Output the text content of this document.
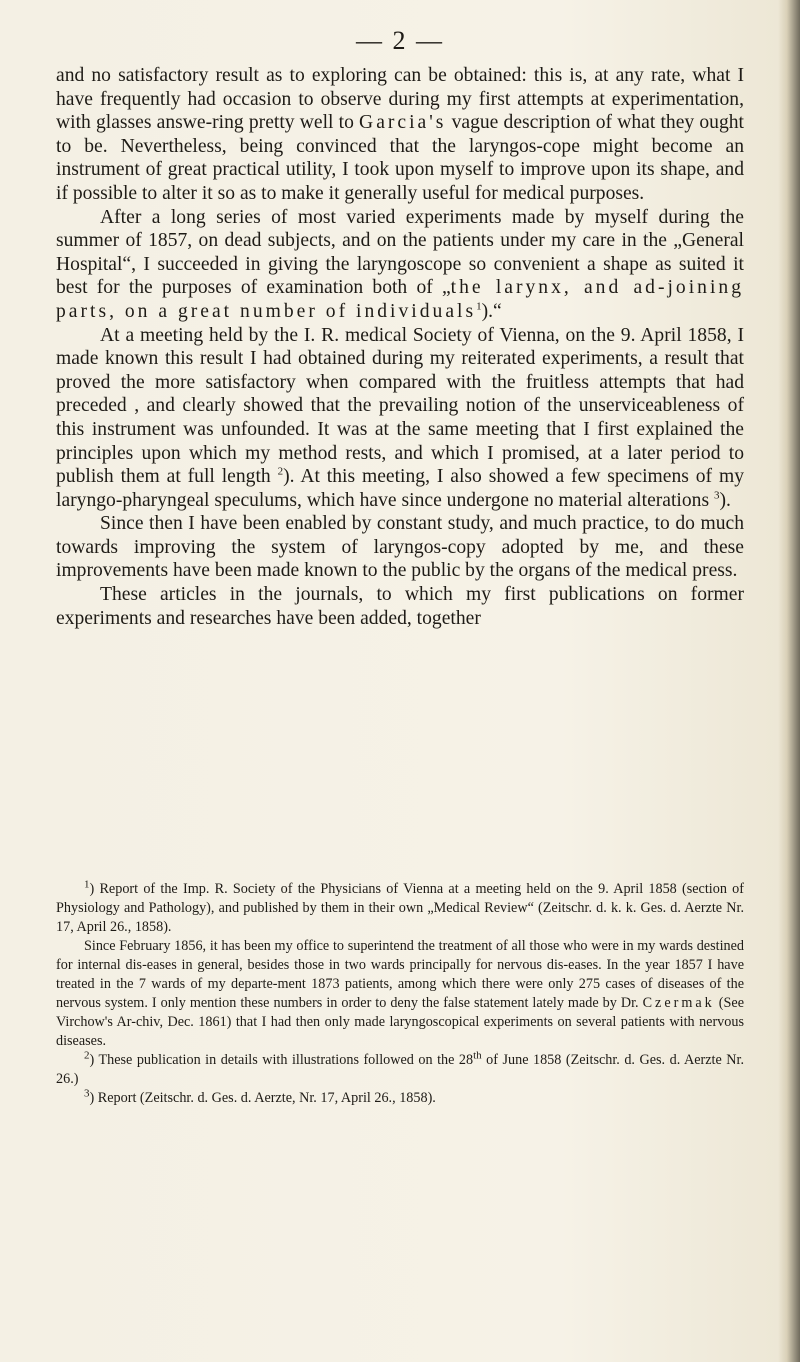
— 2 —

and no satisfactory result as to exploring can be obtained: this is, at any rate, what I have frequently had occasion to observe during my first attempts at experimentation, with glasses answe-ring pretty well to Garcia's vague description of what they ought to be. Nevertheless, being convinced that the laryngos-cope might become an instrument of great practical utility, I took upon myself to improve upon its shape, and if possible to alter it so as to make it generally useful for medical purposes.

After a long series of most varied experiments made by myself during the summer of 1857, on dead subjects, and on the patients under my care in the „General Hospital“, I succeeded in giving the laryngoscope so convenient a shape as suited it best for the purposes of examination both of „the larynx, and ad-joining parts, on a great number of individuals$^1$).“

At a meeting held by the I. R. medical Society of Vienna, on the 9. April 1858, I made known this result I had obtained during my reiterated experiments, a result that proved the more satisfactory when compared with the fruitless attempts that had preceded , and clearly showed that the prevailing notion of the unserviceableness of this instrument was unfounded. It was at the same meeting that I first explained the principles upon which my method rests, and which I promised, at a later period to publish them at full length $^2$). At this meeting, I also showed a few specimens of my laryngo-pharyngeal speculums, which have since undergone no material alterations $^3$).

Since then I have been enabled by constant study, and much practice, to do much towards improving the system of laryngos-copy adopted by me, and these improvements have been made known to the public by the organs of the medical press.

These articles in the journals, to which my first publications on former experiments and researches have been added, together

$^1$) Report of the Imp. R. Society of the Physicians of Vienna at a meeting held on the 9. April 1858 (section of Physiology and Pathology), and published by them in their own „Medical Review“ (Zeitschr. d. k. k. Ges. d. Aerzte Nr. 17, April 26., 1858).

Since February 1856, it has been my office to superintend the treatment of all those who were in my wards destined for internal dis-eases in general, besides those in two wards principally for nervous dis-eases. In the year 1857 I have treated in the 7 wards of my departe-ment 1873 patients, among which there were only 275 cases of diseases of the nervous system. I only mention these numbers in order to deny the false statement lately made by Dr. Czermak (See Virchow's Ar-chiv, Dec. 1861) that I had then only made laryngoscopical experiments on several patients with nervous diseases.

$^2$) These publication in details with illustrations followed on the 28th of June 1858 (Zeitschr. d. Ges. d. Aerzte Nr. 26.)

$^3$) Report (Zeitschr. d. Ges. d. Aerzte, Nr. 17, April 26., 1858).
